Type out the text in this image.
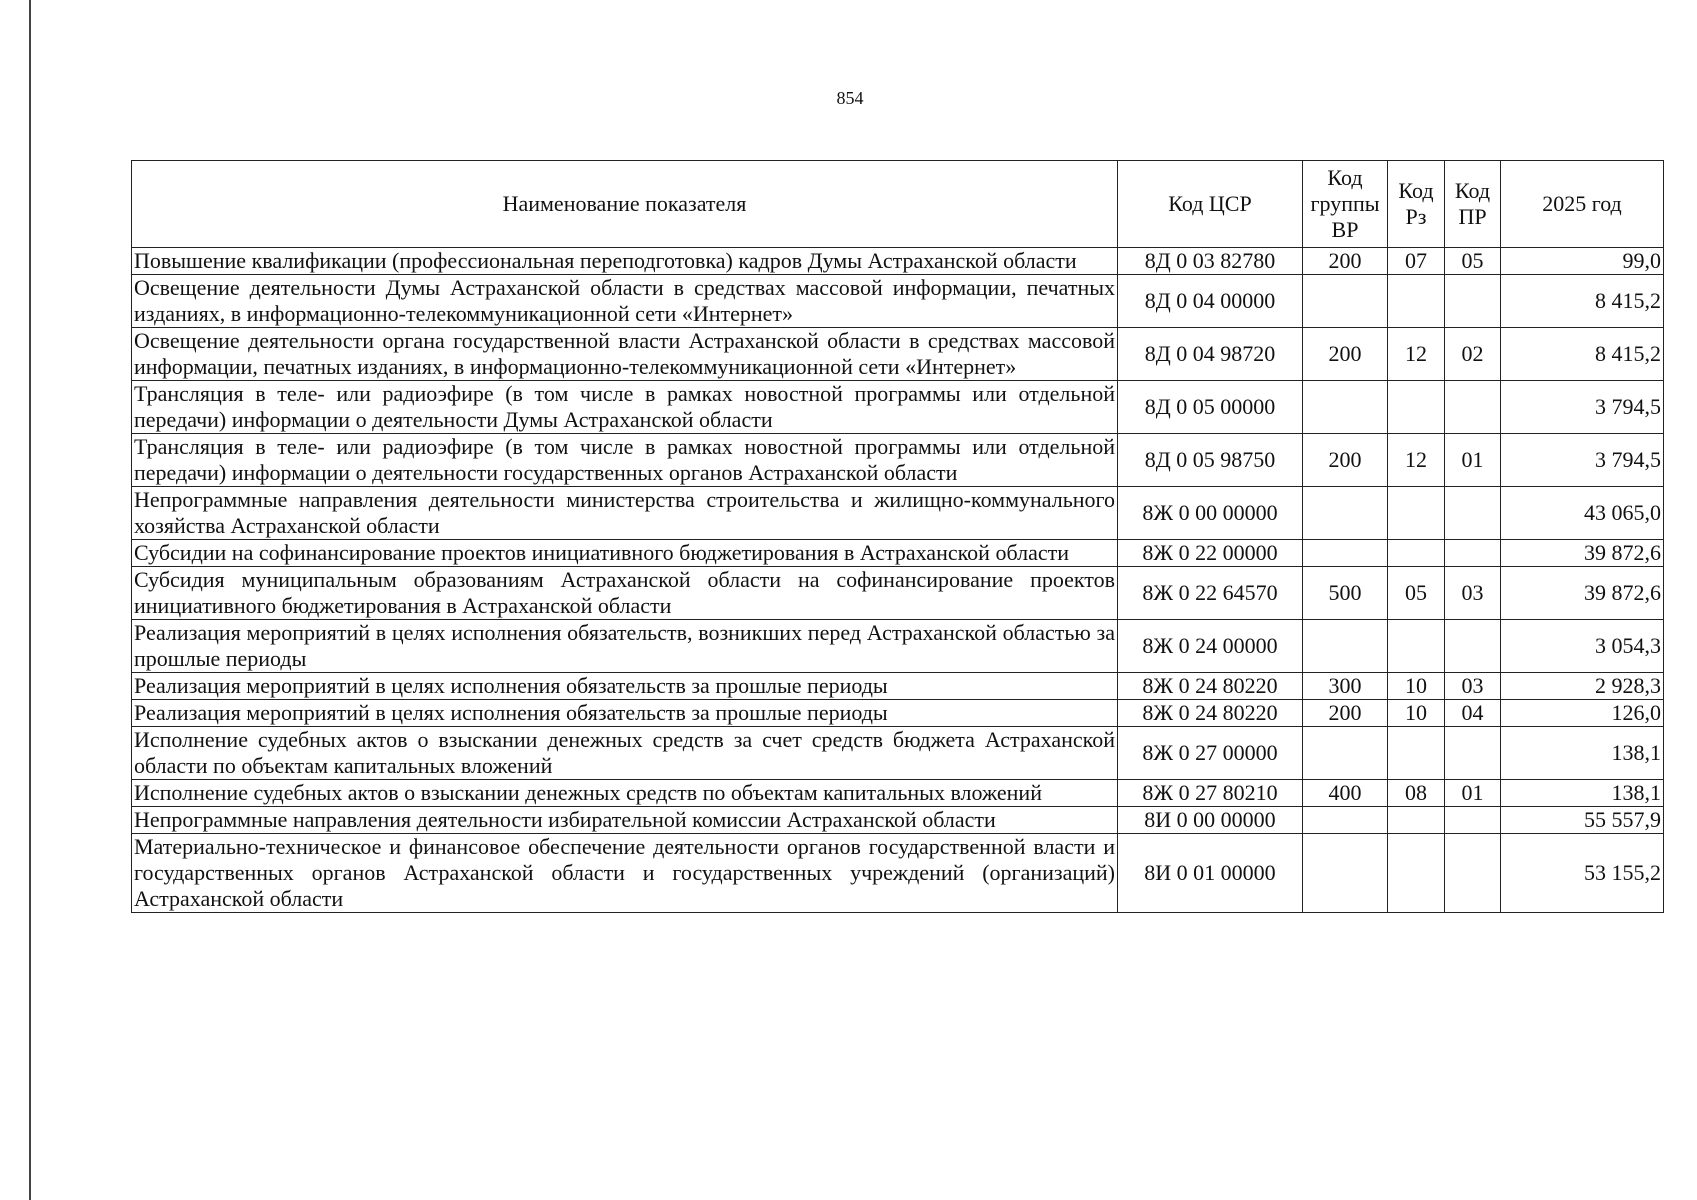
854
Наименование показателя	Код ЦСР	Код группы ВР	Код Рз	Код ПР	2025 год
Повышение квалификации (профессиональная переподготовка) кадров Думы Астраханской области	8Д 0 03 82780	200	07	05	99,0
Освещение деятельности Думы Астраханской области в средствах массовой информации, печатных изданиях, в информационно-телекоммуникационной сети «Интернет»	8Д 0 04 00000				8 415,2
Освещение деятельности органа государственной власти Астраханской области в средствах массовой информации, печатных изданиях, в информационно-телекоммуникационной сети «Интернет»	8Д 0 04 98720	200	12	02	8 415,2
Трансляция в теле- или радиоэфире (в том числе в рамках новостной программы или отдельной передачи) информации о деятельности Думы Астраханской области	8Д 0 05 00000				3 794,5
Трансляция в теле- или радиоэфире (в том числе в рамках новостной программы или отдельной передачи) информации о деятельности государственных органов Астраханской области	8Д 0 05 98750	200	12	01	3 794,5
Непрограммные направления деятельности министерства строительства и жилищно-коммунального хозяйства Астраханской области	8Ж 0 00 00000				43 065,0
Субсидии на софинансирование проектов инициативного бюджетирования в Астраханской области	8Ж 0 22 00000				39 872,6
Субсидия муниципальным образованиям Астраханской области на софинансирование проектов инициативного бюджетирования в Астраханской области	8Ж 0 22 64570	500	05	03	39 872,6
Реализация мероприятий в целях исполнения обязательств, возникших перед Астраханской областью за прошлые периоды	8Ж 0 24 00000				3 054,3
Реализация мероприятий в целях исполнения обязательств за прошлые периоды	8Ж 0 24 80220	300	10	03	2 928,3
Реализация мероприятий в целях исполнения обязательств за прошлые периоды	8Ж 0 24 80220	200	10	04	126,0
Исполнение судебных актов о взыскании денежных средств за счет средств бюджета Астраханской области по объектам капитальных вложений	8Ж 0 27 00000				138,1
Исполнение судебных актов о взыскании денежных средств по объектам капитальных вложений	8Ж 0 27 80210	400	08	01	138,1
Непрограммные направления деятельности избирательной комиссии Астраханской области	8И 0 00 00000				55 557,9
Материально-техническое и финансовое обеспечение деятельности органов государственной власти и государственных органов Астраханской области и государственных учреждений (организаций) Астраханской области	8И 0 01 00000				53 155,2
